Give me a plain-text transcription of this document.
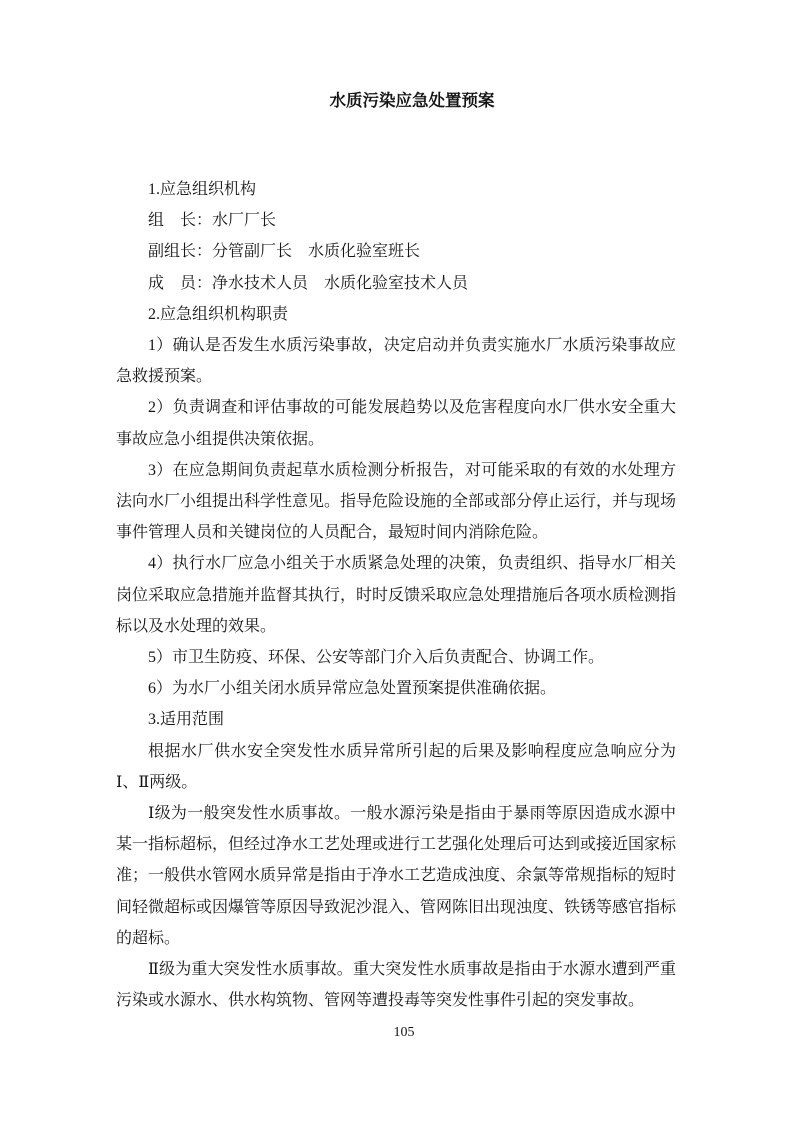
水质污染应急处置预案

1.应急组织机构

组　长：水厂厂长

副组长：分管副厂长　水质化验室班长

成　员：净水技术人员　水质化验室技术人员

2.应急组织机构职责

1）确认是否发生水质污染事故，决定启动并负责实施水厂水质污染事故应急救援预案。

2）负责调查和评估事故的可能发展趋势以及危害程度向水厂供水安全重大事故应急小组提供决策依据。

3）在应急期间负责起草水质检测分析报告，对可能采取的有效的水处理方法向水厂小组提出科学性意见。指导危险设施的全部或部分停止运行，并与现场事件管理人员和关键岗位的人员配合，最短时间内消除危险。

4）执行水厂应急小组关于水质紧急处理的决策，负责组织、指导水厂相关岗位采取应急措施并监督其执行，时时反馈采取应急处理措施后各项水质检测指标以及水处理的效果。

5）市卫生防疫、环保、公安等部门介入后负责配合、协调工作。

6）为水厂小组关闭水质异常应急处置预案提供准确依据。

3.适用范围

根据水厂供水安全突发性水质异常所引起的后果及影响程度应急响应分为Ⅰ、Ⅱ两级。

Ⅰ级为一般突发性水质事故。一般水源污染是指由于暴雨等原因造成水源中某一指标超标，但经过净水工艺处理或进行工艺强化处理后可达到或接近国家标准；一般供水管网水质异常是指由于净水工艺造成浊度、余氯等常规指标的短时间轻微超标或因爆管等原因导致泥沙混入、管网陈旧出现浊度、铁锈等感官指标的超标。

Ⅱ级为重大突发性水质事故。重大突发性水质事故是指由于水源水遭到严重污染或水源水、供水构筑物、管网等遭投毒等突发性事件引起的突发事故。

105
